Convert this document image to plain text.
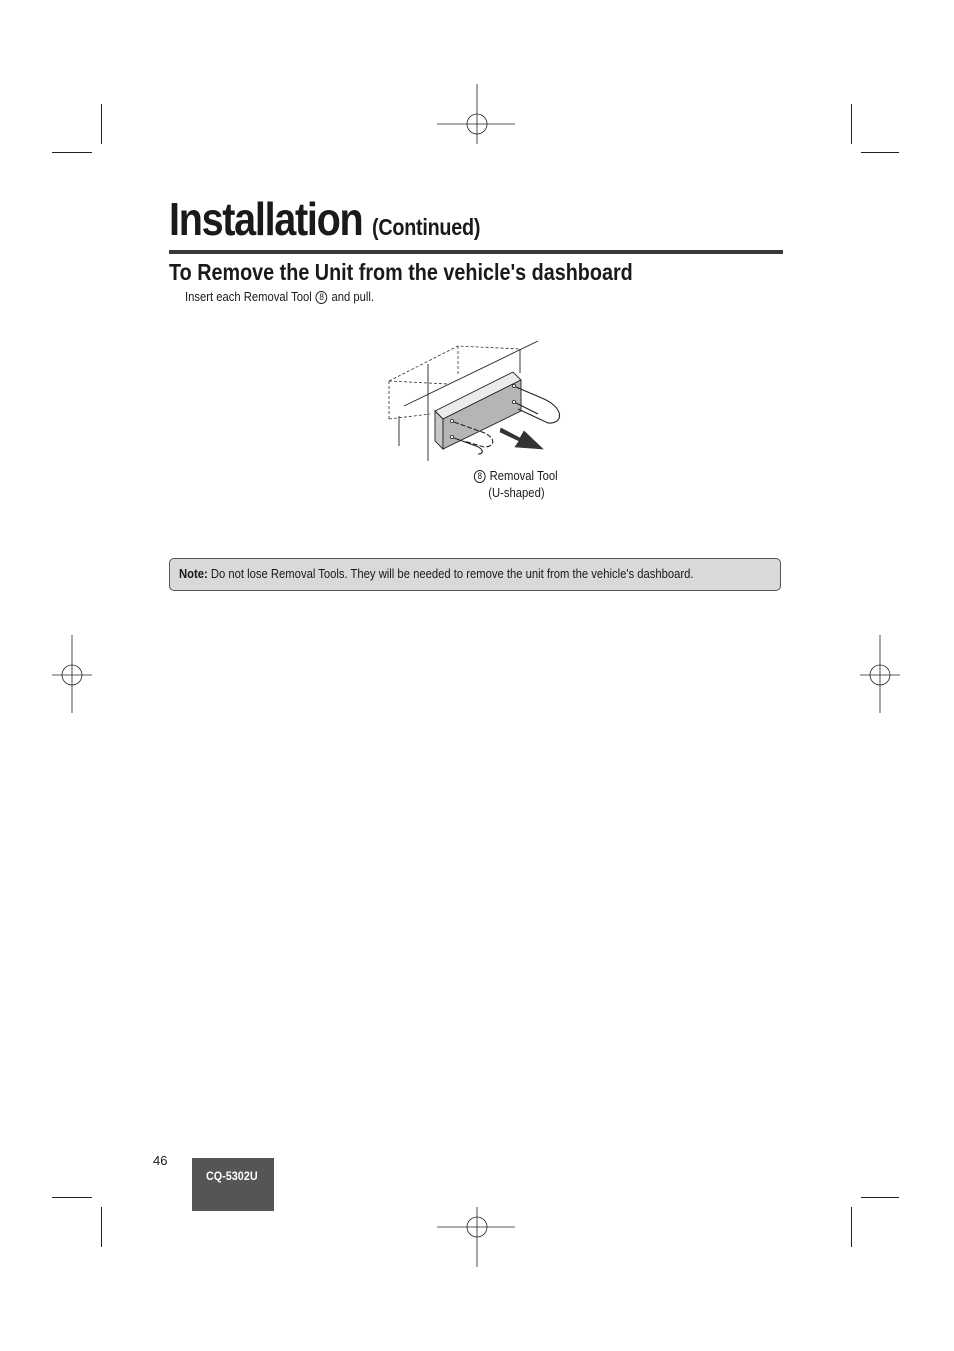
Installation (Continued)
To Remove the Unit from the vehicle's dashboard
Insert each Removal Tool 8 and pull.
8 Removal Tool
(U-shaped)
Note: Do not lose Removal Tools. They will be needed to remove the unit from the vehicle's dashboard.
46
CQ-5302U
